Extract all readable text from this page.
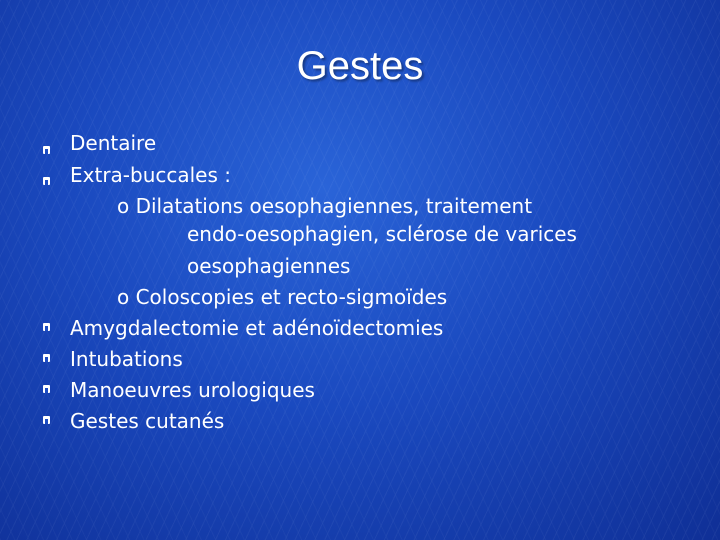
Gestes
Dentaire
Extra-buccales :
o Dilatations oesophagiennes, traitement
endo-oesophagien, sclérose de varices
oesophagiennes
o Coloscopies et recto-sigmoïdes
Amygdalectomie et adénoïdectomies
Intubations
Manoeuvres urologiques
Gestes cutanés
